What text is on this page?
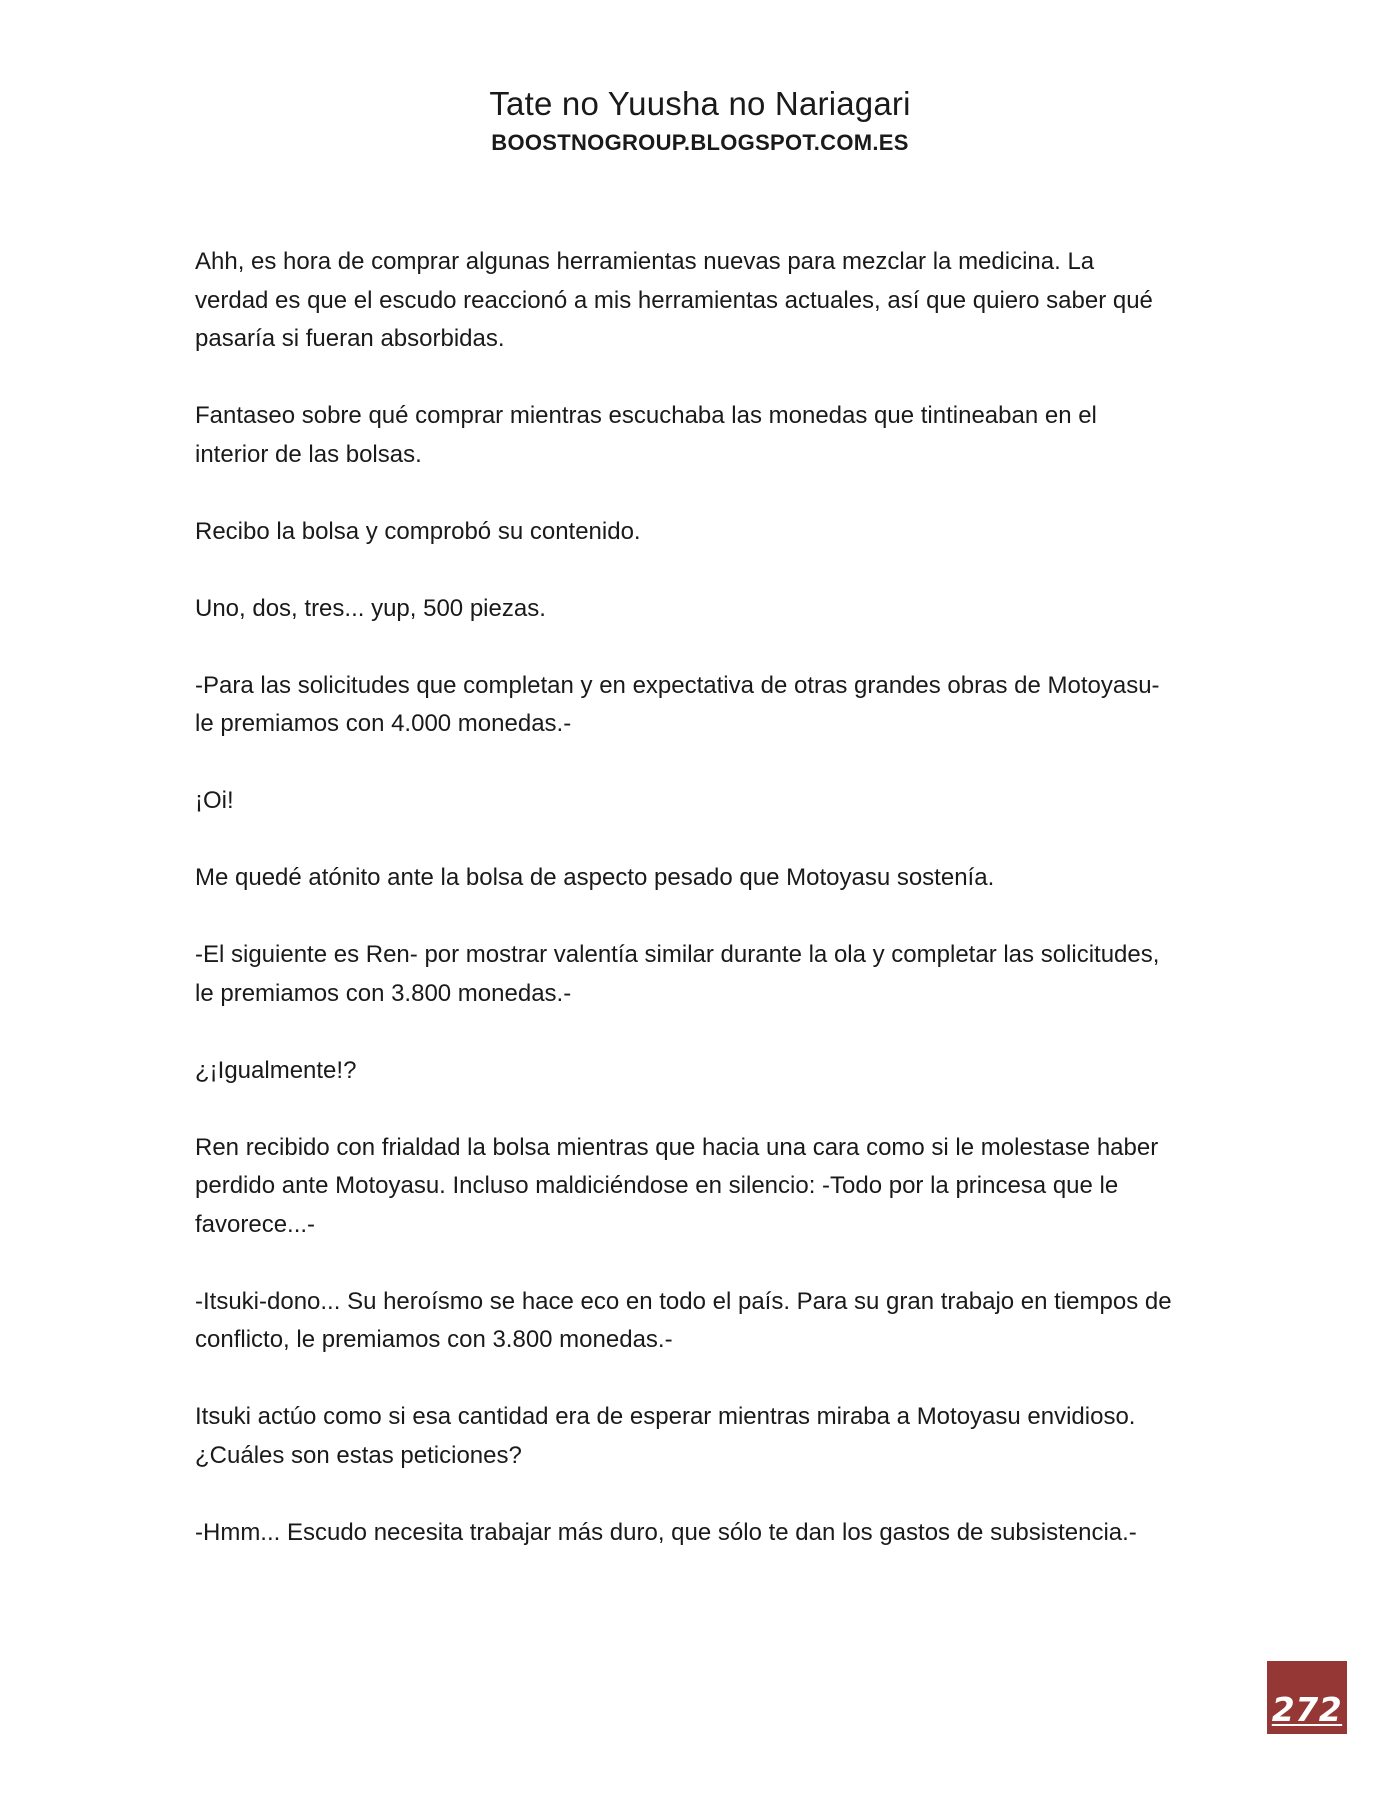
Tate no Yuusha no Nariagari
BOOSTNOGROUP.BLOGSPOT.COM.ES

Ahh, es hora de comprar algunas herramientas nuevas para mezclar la medicina. La
verdad es que el escudo reaccionó a mis herramientas actuales, así que quiero saber qué
pasaría si fueran absorbidas.

Fantaseo sobre qué comprar mientras escuchaba las monedas que tintineaban en el
interior de las bolsas.

Recibo la bolsa y comprobó su contenido.

Uno, dos, tres... yup, 500 piezas.

-Para las solicitudes que completan y en expectativa de otras grandes obras de Motoyasu-
le premiamos con 4.000 monedas.-

¡Oi!

Me quedé atónito ante la bolsa de aspecto pesado que Motoyasu sostenía.

-El siguiente es Ren- por mostrar valentía similar durante la ola y completar las solicitudes,
le premiamos con 3.800 monedas.-

¿¡Igualmente!?

Ren recibido con frialdad la bolsa mientras que hacia una cara como si le molestase haber
perdido ante Motoyasu. Incluso maldiciéndose en silencio: -Todo por la princesa que le
favorece...-

-Itsuki-dono... Su heroísmo se hace eco en todo el país. Para su gran trabajo en tiempos de
conflicto, le premiamos con 3.800 monedas.-

Itsuki actúo como si esa cantidad era de esperar mientras miraba a Motoyasu envidioso.
¿Cuáles son estas peticiones?

-Hmm... Escudo necesita trabajar más duro, que sólo te dan los gastos de subsistencia.-

272
